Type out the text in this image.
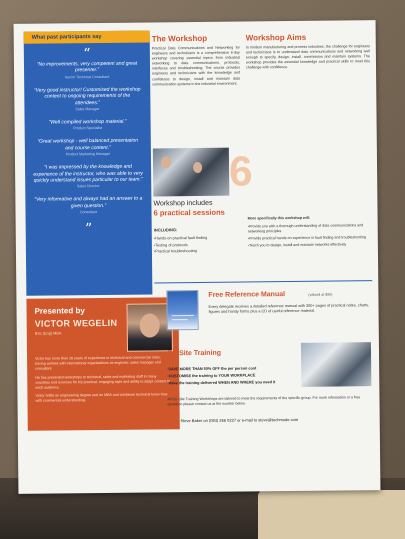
What past participants say
“
“No improvements, very competent and great presenter.”
Senior Technical Consultant
“Very good instructor! Customised the workshop content to ongoing requirements of the attendees.”
Sales Manager
“Well compiled workshop material.”
Product Specialist
“Great workshop - well balanced presentation and course content.”
Product Marketing Manager
“I was impressed by the knowledge and experience of the instructor, who was able to very quickly understand issues particular to our team.”
Sales Director
“Very informative and always had an answer to a given question.”
Consultant
”
Presented by
VICTOR WEGELIN
BSc (Eng) MBA

Victor has more than 20 years of experience in technical and commercial roles, having worked with international organisations as engineer, sales manager and consultant.

He has presented workshops to technical, sales and marketing staff in many countries and is known for his practical, engaging style and ability to adapt content to each audience.

Victor holds an engineering degree and an MBA and combines technical know-how with commercial understanding.

The Workshop
Practical Data Communications and Networking for engineers and technicians is a comprehensive 6-day workshop covering essential topics from industrial networking to data communications, protocols, interfaces and troubleshooting. The course provides engineers and technicians with the knowledge and confidence to design, install and maintain data communication systems in the industrial environment.
6
Workshop includes
6 practical sessions
INCLUDING:
• Hands-on practical fault finding
• Testing of protocols
• Practical troubleshooting
Workshop Aims
In modern manufacturing and process industries, the challenge for engineers and technicians is to understand data communications and networking well enough to specify, design, install, commission and maintain systems. The workshop provides the essential knowledge and practical skills to meet this challenge with confidence.
More specifically this workshop will:
• Provide you with a thorough understanding of data communications and networking principles
• Provide practical hands-on experience in fault finding and troubleshooting
• Teach you to design, install and maintain networks effectively
Free Reference Manual	(valued at $95)
Every delegate receives a detailed reference manual with 300+ pages of practical notes, charts, figures and handy forms plus a CD of useful reference material.
On-Site Training
• SAVE MORE THAN 50% OFF the per person cost
• CUSTOMISE the training to YOUR WORKPLACE
• Have the training delivered WHEN AND WHERE you need it
All On-Site Training Workshops are tailored to meet the requirements of the specific group. For more information or a free quotation please contact us at the number below.
☎ Steve Baker on (084) 266 0227 or e-mail to steve@techmode.com
